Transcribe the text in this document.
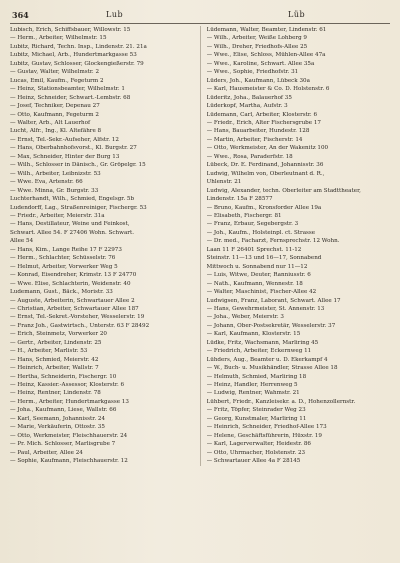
364	Lub	Lüb
Lubisch, Erich, Schiffsbauer, Willowstr. 15
— Herm., Arbeiter, Wilhelmstr. 15
Lubitz, Richard, Techn. Insp., Lindenstr. 21. 21a
Lubitz, Michael, Arb., Hundertmarkgasse 53
Lubitz, Gustav, Schlosser, Glockengießerstr. 79
— Gustav, Walter, Wilhelmstr. 2
Lucas, Emil, Kaufm., Fegeturm 2
— Heinz, Stationsbeamter, Wilhelmstr. 1
— Heinz, Schneider, Schwart.-Lembstr. 68
— Josef, Techniker, Depenau 27
— Otto, Kaufmann, Fegeturm 2
— Walter, Arb., Alt Lauerhof
Lucht, Alfr., Ing., Kl. Altefähre 8
— Ernst, Tel.-Sekr.-Aufseher, Alfstr. 12
— Hans, Oberbahnhofsvorst., Kl. Burgstr. 27
— Max, Schneider, Hinter der Burg 13
— Wilh., Schlosser in Dänisch., Gr. Gröpelgr. 15
— Wilh., Arbeiter, Leibnizstr. 53
— Wwe. Eva, Artenstr. 66
— Wwe. Minna, Gr. Burgstr. 33
Luchterhandt, Wilh., Schmied, Engelsgr. 5b
Ludendorff, Lag., Straßenreiniger, Fischergr. 53
— Friedr., Arbeiter, Meierstr. 31a
— Hans, Destillateur, Weine und Feinkost,
Schwart. Allee 54. F 27406 Wohn. Schwart.
Allee 54
— Hans, Kim., Lange Reihe 17 F 22973
— Herm., Schlachter, Schüsselstr. 76
— Helmut, Arbeiter, Vorwerker Weg 5
— Konrad, Eisendreher, Krimstr. 13 F 24770
— Wwe. Elise, Schlachterin, Weidenstr. 40
Ludemann, Gust., Bäck., Moristr. 33
— Auguste, Arbeiterin, Schwartauer Allee 2
— Christian, Arbeiter, Schwartauer Allee 187
— Ernst, Tel.-Sekret.-Vorsteher, Wesselerstr. 19
— Franz Joh., Gastwirtsch., Unterstr. 63 F 28492
— Erich, Steinmetz, Vorwerker 20
— Gertr., Arbeiter, Lindenstr. 25
— H., Arbeiter, Marlistr. 53
— Hans, Schmied, Meierstr. 42
— Heinrich, Arbeiter, Wallstr. 7
— Hertha, Schneiderin, Fischergr. 10
— Heinz, Kassier.-Assessor, Klosterstr. 6
— Heinz, Rentner, Lindenstr. 78
— Herm., Arbeiter, Hundertmarkgasse 13
— Joha., Kaufmann, Liese, Wallstr. 66
— Karl, Seemann, Johannisstr. 24
— Marie, Verkäuferin, Ottostr. 35
— Otto, Werkmeister, Fleischhauerstr. 24
— Pr. Mich. Schlosser, Marlisgrube 7
— Paul, Arbeiter, Allee 24
— Sophie, Kaufmann, Fleischhauerstr. 12
Lüdemann, Walter, Beamter, Lindenstr. 61
— Wilh., Arbeiter, Weiße Lohberg 9
— Wilh., Dreher, Friedhofs-Allee 25
— Wwe., Elise, Schloss, Mühlen-Allee 47a
— Wwe., Karoline, Schwart. Allee 35a
— Wwe., Sophie, Friedhofstr. 31
Lüders, Joh., Kaufmann, Lübeck 30a
— Karl, Hausmeister & Co. D. Holstenstr. 6
Lüderitz, Joha., Balauerhof 35
Lüderkopf, Martha, Aufstr. 3
Lüdemann, Carl, Arbeiter, Klosterstr. 6
— Friedr., Erich, Alter Fischersgrube 17
— Hans, Bauarbeiter, Hundestr. 128
— Martin, Arbeiter, Fischerstr. 14
— Otto, Werkmeister, An der Wakenitz 100
— Wwe., Rosa, Paraderfstr. 18
Lübeck, Dr. E. Ferdinand, Johannisstr. 36
Ludwig, Wilhelm von, Oberleutnant d. R.,
Uhlenstr. 21
Ludwig, Alexander, techn. Oberleiter am Stadttheater,
Lindenstr. 15a F 28577
— Bruno, Kaufm., Kronsforder Allee 19a
— Elisabeth, Fischergr. 81
— Franz, Erbaur, Segebergstr. 3
— Joh., Kaufm., Holsteinpl. ct. Strasse
— Dr. med., Facharzt, Fernsprechstr. 12 Wohn.
Laan 11 F 26401 Sprechst. 11-12
Steinstr. 11—13 und 16—17, Sonnabend
Mittwoch u. Sonnabend nur 11—12
— Luis, Witwe, Deuter, Ranniusstr. 6
— Nath., Kaufmann, Wennestr. 18
— Walter, Maschinist, Fischer-Allee 42
Ludwigsen, Franz, Laborant, Schwart. Allee 17
— Hans, Gewehrmeister, St. Annenstr. 13
— Joha., Weber, Meierstr. 3
— Johann, Ober-Postsekretär, Wesselerstr. 37
— Karl, Kaufmann, Klosterstr. 15
Lüdke, Fritz, Wachsmann, Marliring 45
— Friedrich, Arbeiter, Eckernweg 11
Lühders, Aug., Beamter u. D. Ekerkampf 4
— W., Buch- u. Musikhändler, Strasse Allee 18
— Helmuth, Schmied, Marliring 18
— Heinz, Handler, Herrenweg 5
— Ludwig, Rentner, Wahmstr. 21
Lühbert, Friedr., Kanzleisekr. a. D., Hohenzollernstr.
— Fritz, Töpfer, Steinrader Weg 23
— Georg, Kunstmaler, Marliring 11
— Heinrich, Schneider, Friedhof-Allee 173
— Helene, Geschäftsführerin, Hüxstr. 19
— Karl, Lagerverwalter, Heidestr. 86
— Otto, Uhrmacher, Holstenstr. 23
— Schwartauer Allee 4a F 28145
